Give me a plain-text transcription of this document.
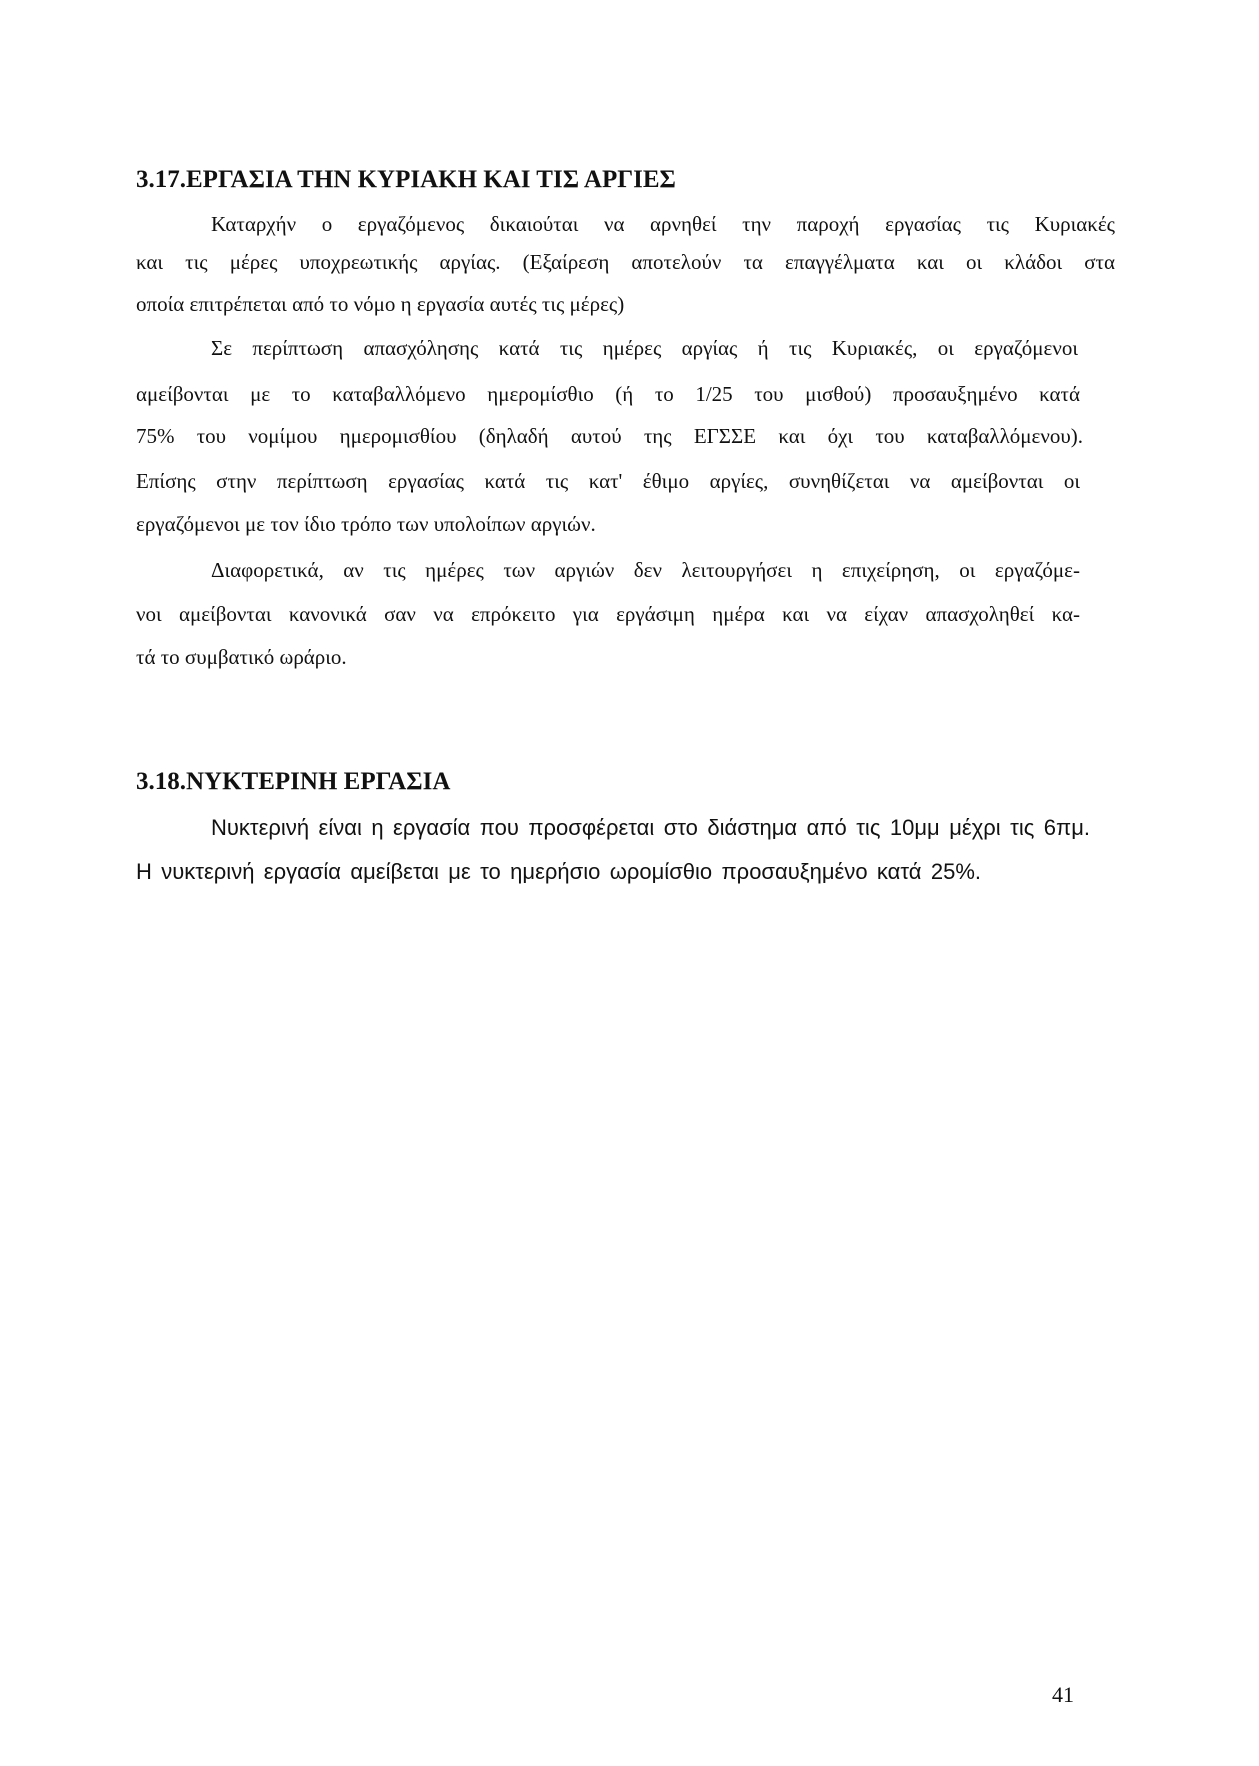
3.17.ΕΡΓΑΣΙΑ ΤΗΝ ΚΥΡΙΑΚΗ ΚΑΙ ΤΙΣ ΑΡΓΙΕΣ
Καταρχήν ο εργαζόμενος δικαιούται να αρνηθεί την παροχή εργασίας τις Κυριακές
και τις μέρες υποχρεωτικής αργίας. (Εξαίρεση αποτελούν τα επαγγέλματα και οι κλάδοι στα
οποία επιτρέπεται από το νόμο η εργασία αυτές τις μέρες)
Σε περίπτωση απασχόλησης κατά τις ημέρες αργίας ή τις Κυριακές, οι εργαζόμενοι
αμείβονται με το καταβαλλόμενο ημερομίσθιο (ή το 1/25 του μισθού) προσαυξημένο κατά
75% του νομίμου ημερομισθίου (δηλαδή αυτού της ΕΓΣΣΕ και όχι του καταβαλλόμενου).
Επίσης στην περίπτωση εργασίας κατά τις κατ' έθιμο αργίες, συνηθίζεται να αμείβονται οι
εργαζόμενοι με τον ίδιο τρόπο των υπολοίπων αργιών.
Διαφορετικά, αν τις ημέρες των αργιών δεν λειτουργήσει η επιχείρηση, οι εργαζόμε-
νοι αμείβονται κανονικά σαν να επρόκειτο για εργάσιμη ημέρα και να είχαν απασχοληθεί κα-
τά το συμβατικό ωράριο.
3.18.ΝΥΚΤΕΡΙΝΗ ΕΡΓΑΣΙΑ
Νυκτερινή είναι η εργασία που προσφέρεται στο διάστημα από τις 10μμ μέχρι τις 6πμ.
Η νυκτερινή εργασία αμείβεται με το ημερήσιο ωρομίσθιο προσαυξημένο κατά 25%.
41
